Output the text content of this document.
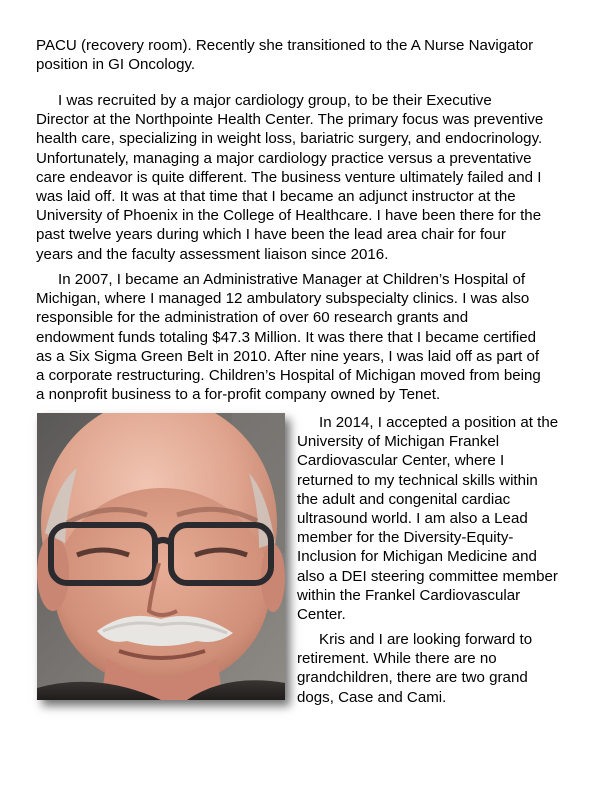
PACU (recovery room). Recently she transitioned to the A Nurse Navigator
position in GI Oncology.
I was recruited by a major cardiology group, to be their Executive
Director at the Northpointe Health Center. The primary focus was preventive
health care, specializing in weight loss, bariatric surgery, and endocrinology.
Unfortunately, managing a major cardiology practice versus a preventative
care endeavor is quite different. The business venture ultimately failed and I
was laid off. It was at that time that I became an adjunct instructor at the
University of Phoenix in the College of Healthcare. I have been there for the
past twelve years during which I have been the lead area chair for four
years and the faculty assessment liaison since 2016.
In 2007, I became an Administrative Manager at Children’s Hospital of
Michigan, where I managed 12 ambulatory subspecialty clinics. I was also
responsible for the administration of over 60 research grants and
endowment funds totaling $47.3 Million. It was there that I became certified
as a Six Sigma Green Belt in 2010. After nine years, I was laid off as part of
a corporate restructuring. Children’s Hospital of Michigan moved from being
a nonprofit business to a for-profit company owned by Tenet.
In 2014, I accepted a position at the
University of Michigan Frankel
Cardiovascular Center, where I
returned to my technical skills within
the adult and congenital cardiac
ultrasound world. I am also a Lead
member for the Diversity-Equity-
Inclusion for Michigan Medicine and
also a DEI steering committee member
within the Frankel Cardiovascular
Center.
Kris and I are looking forward to
retirement. While there are no
grandchildren, there are two grand
dogs, Case and Cami.
